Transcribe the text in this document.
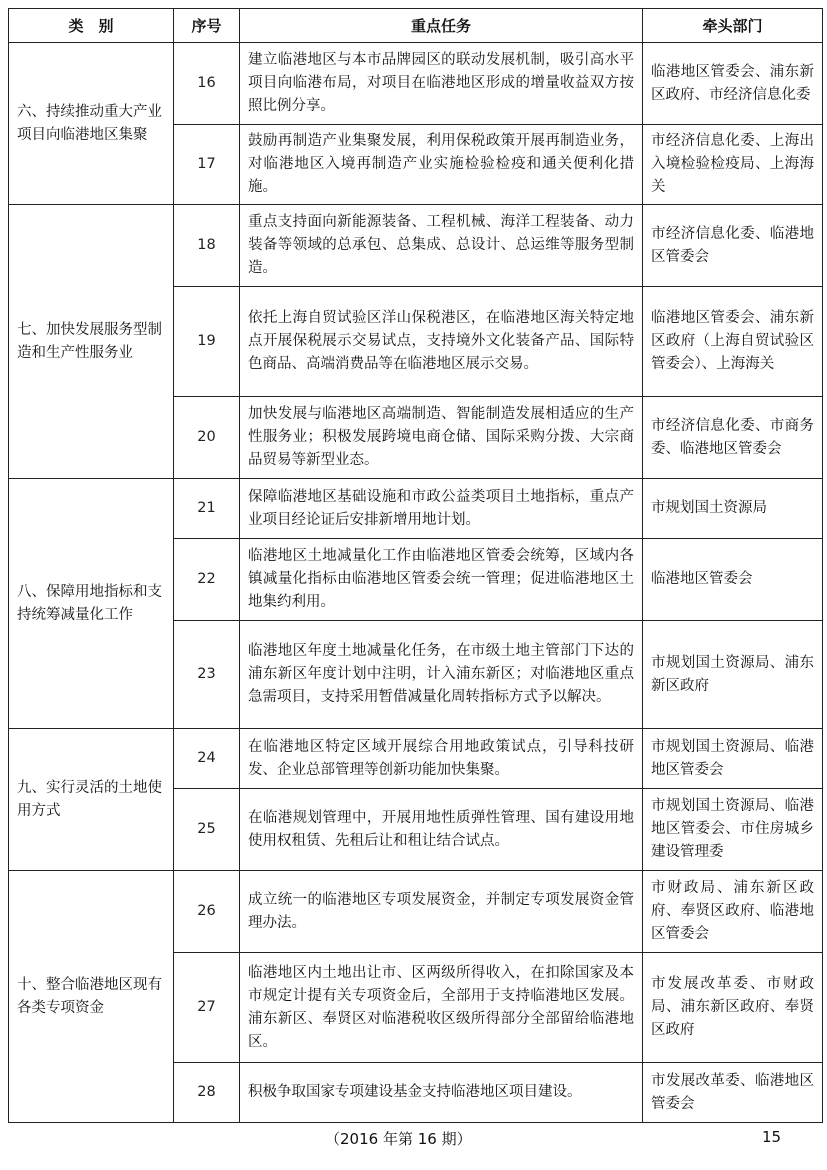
类　别	序号	重点任务	牵头部门
六、持续推动重大产业项目向临港地区集聚	16	建立临港地区与本市品牌园区的联动发展机制，吸引高水平项目向临港布局，对项目在临港地区形成的增量收益双方按照比例分享。	临港地区管委会、浦东新区政府、市经济信息化委
	17	鼓励再制造产业集聚发展，利用保税政策开展再制造业务，对临港地区入境再制造产业实施检验检疫和通关便利化措施。	市经济信息化委、上海出入境检验检疫局、上海海关
七、加快发展服务型制造和生产性服务业	18	重点支持面向新能源装备、工程机械、海洋工程装备、动力装备等领域的总承包、总集成、总设计、总运维等服务型制造。	市经济信息化委、临港地区管委会
	19	依托上海自贸试验区洋山保税港区，在临港地区海关特定地点开展保税展示交易试点，支持境外文化装备产品、国际特色商品、高端消费品等在临港地区展示交易。	临港地区管委会、浦东新区政府（上海自贸试验区管委会）、上海海关
	20	加快发展与临港地区高端制造、智能制造发展相适应的生产性服务业；积极发展跨境电商仓储、国际采购分拨、大宗商品贸易等新型业态。	市经济信息化委、市商务委、临港地区管委会
八、保障用地指标和支持统筹减量化工作	21	保障临港地区基础设施和市政公益类项目土地指标，重点产业项目经论证后安排新增用地计划。	市规划国土资源局
	22	临港地区土地减量化工作由临港地区管委会统筹，区域内各镇减量化指标由临港地区管委会统一管理；促进临港地区土地集约利用。	临港地区管委会
	23	临港地区年度土地减量化任务，在市级土地主管部门下达的浦东新区年度计划中注明，计入浦东新区；对临港地区重点急需项目，支持采用暂借减量化周转指标方式予以解决。	市规划国土资源局、浦东新区政府
九、实行灵活的土地使用方式	24	在临港地区特定区域开展综合用地政策试点，引导科技研发、企业总部管理等创新功能加快集聚。	市规划国土资源局、临港地区管委会
	25	在临港规划管理中，开展用地性质弹性管理、国有建设用地使用权租赁、先租后让和租让结合试点。	市规划国土资源局、临港地区管委会、市住房城乡建设管理委
十、整合临港地区现有各类专项资金	26	成立统一的临港地区专项发展资金，并制定专项发展资金管理办法。	市财政局、浦东新区政府、奉贤区政府、临港地区管委会
	27	临港地区内土地出让市、区两级所得收入，在扣除国家及本市规定计提有关专项资金后，全部用于支持临港地区发展。浦东新区、奉贤区对临港税收区级所得部分全部留给临港地区。	市发展改革委、市财政局、浦东新区政府、奉贤区政府
	28	积极争取国家专项建设基金支持临港地区项目建设。	市发展改革委、临港地区管委会
（2016 年第 16 期）	15
